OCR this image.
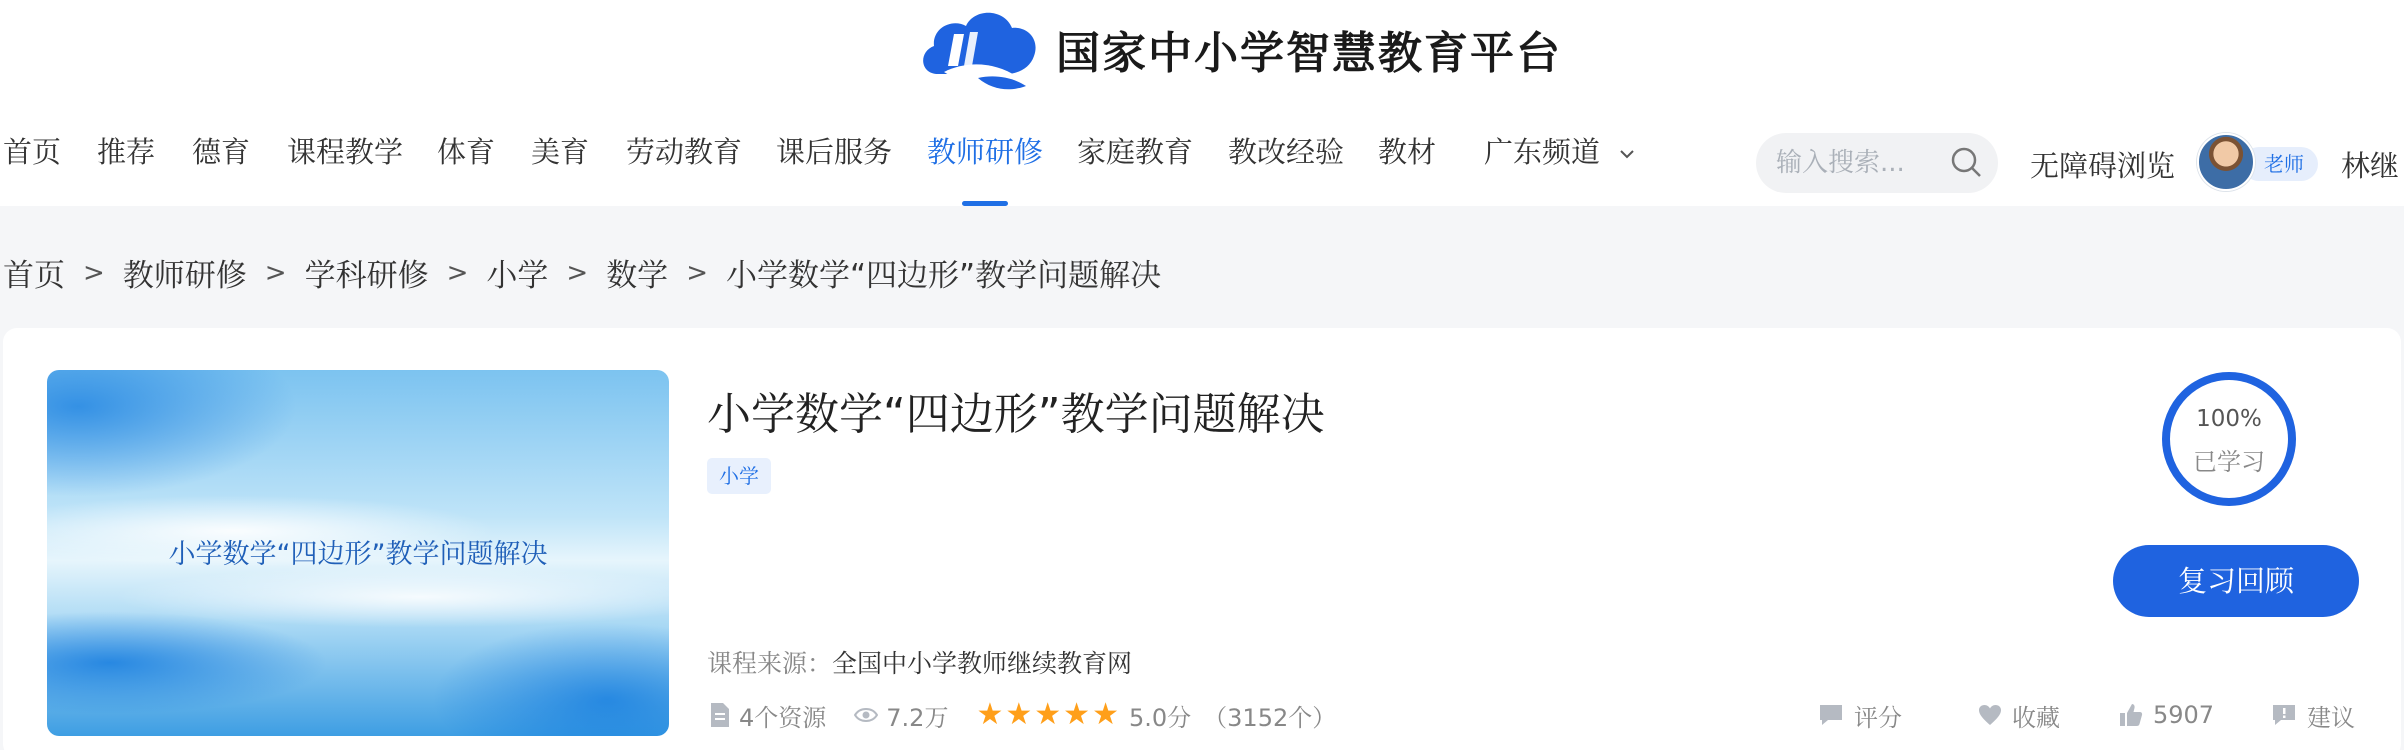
国家中小学智慧教育平台
首页 推荐 德育 课程教学 体育 美育 劳动教育 课后服务 教师研修 家庭教育 教改经验 教材 广东频道
输入搜索...	无障碍浏览	老师	林继
首页 > 教师研修 > 学科研修 > 小学 > 数学 > 小学数学“四边形”教学问题解决
小学数学“四边形”教学问题解决
小学数学“四边形”教学问题解决
小学
课程来源：全国中小学教师继续教育网
4个资源	7.2万 ★ ★ ★ ★ ★ 5.0分 （3152个）
100%
已学习
复习回顾
评分	收藏	5907	建议
